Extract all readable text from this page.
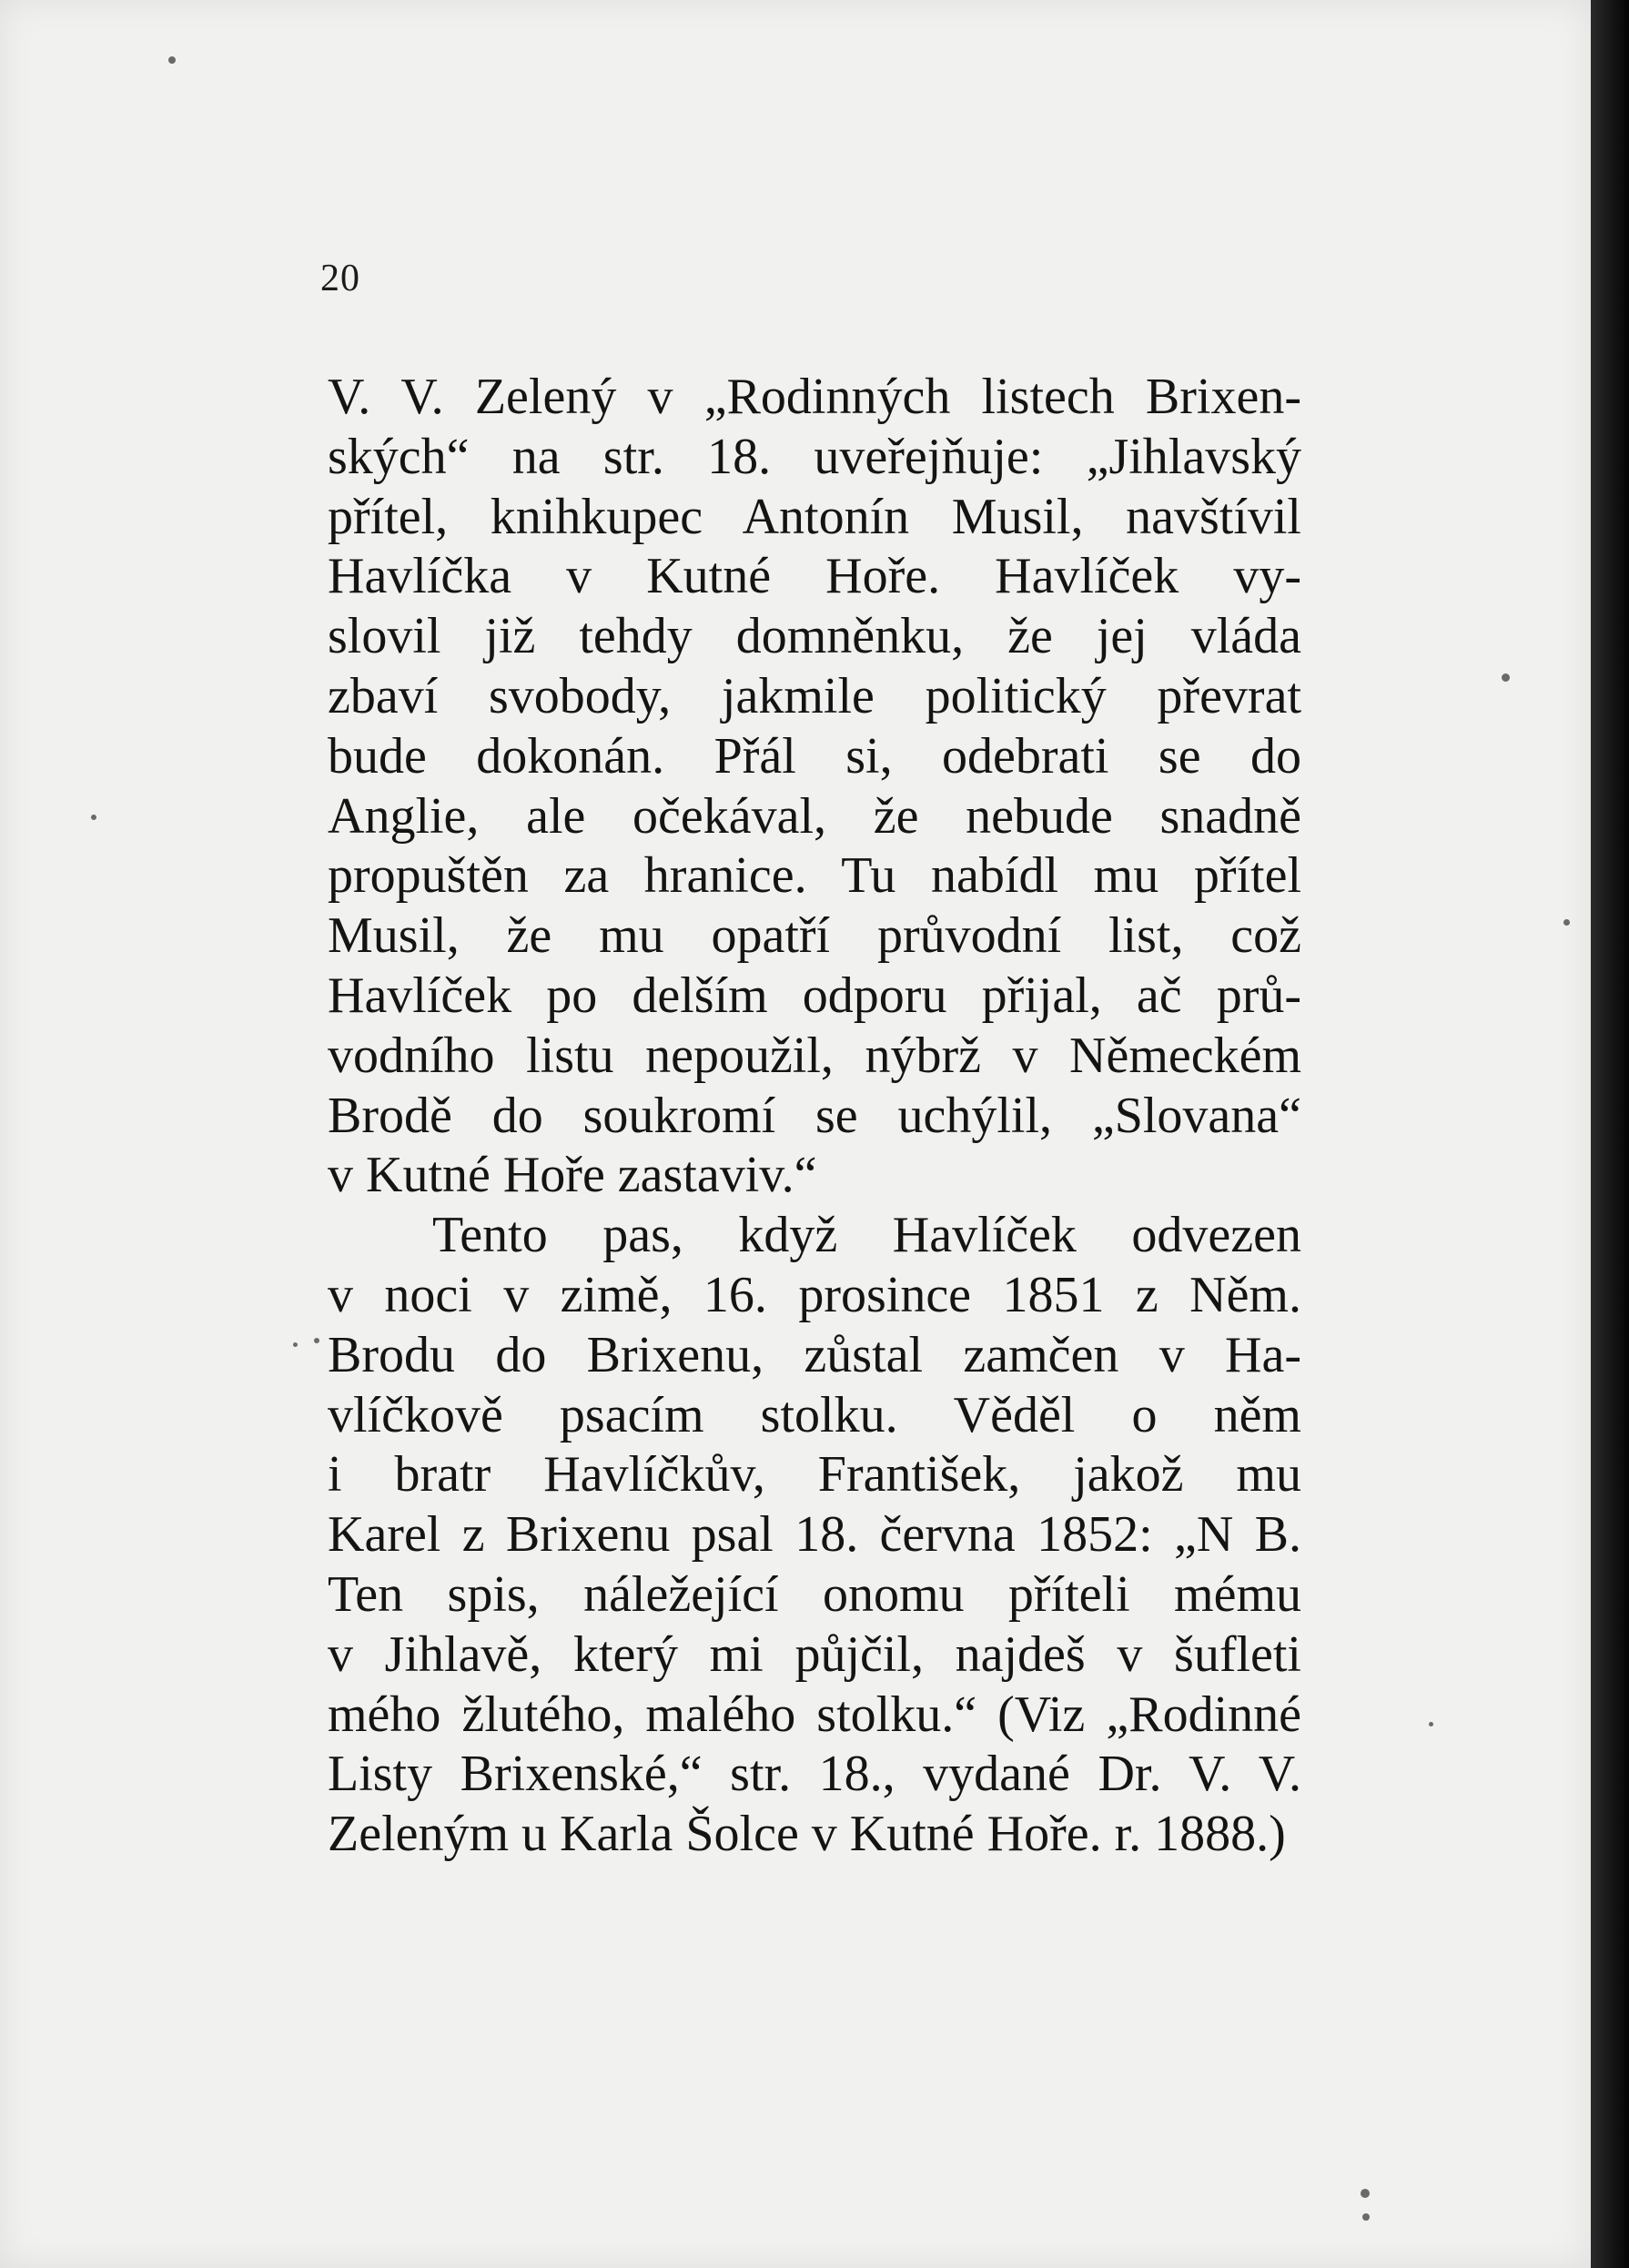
20
V. V. Zelený v „Rodinných listech Brixen-
ských“ na str. 18. uveřejňuje: „Jihlavský
přítel, knihkupec Antonín Musil, navštívil
Havlíčka v Kutné Hoře. Havlíček vy-
slovil již tehdy domněnku, že jej vláda
zbaví svobody, jakmile politický převrat
bude dokonán. Přál si, odebrati se do
Anglie, ale očekával, že nebude snadně
propuštěn za hranice. Tu nabídl mu přítel
Musil, že mu opatří průvodní list, což
Havlíček po delším odporu přijal, ač prů-
vodního listu nepoužil, nýbrž v Německém
Brodě do soukromí se uchýlil, „Slovana“
v Kutné Hoře zastaviv.“
Tento pas, když Havlíček odvezen
v noci v zimě, 16. prosince 1851 z Něm.
Brodu do Brixenu, zůstal zamčen v Ha-
vlíčkově psacím stolku. Věděl o něm
i bratr Havlíčkův, František, jakož mu
Karel z Brixenu psal 18. června 1852: „N B.
Ten spis, náležející onomu příteli mému
v Jihlavě, který mi půjčil, najdeš v šufleti
mého žlutého, malého stolku.“ (Viz „Rodinné
Listy Brixenské,“ str. 18., vydané Dr. V. V.
Zeleným u Karla Šolce v Kutné Hoře. r. 1888.)
